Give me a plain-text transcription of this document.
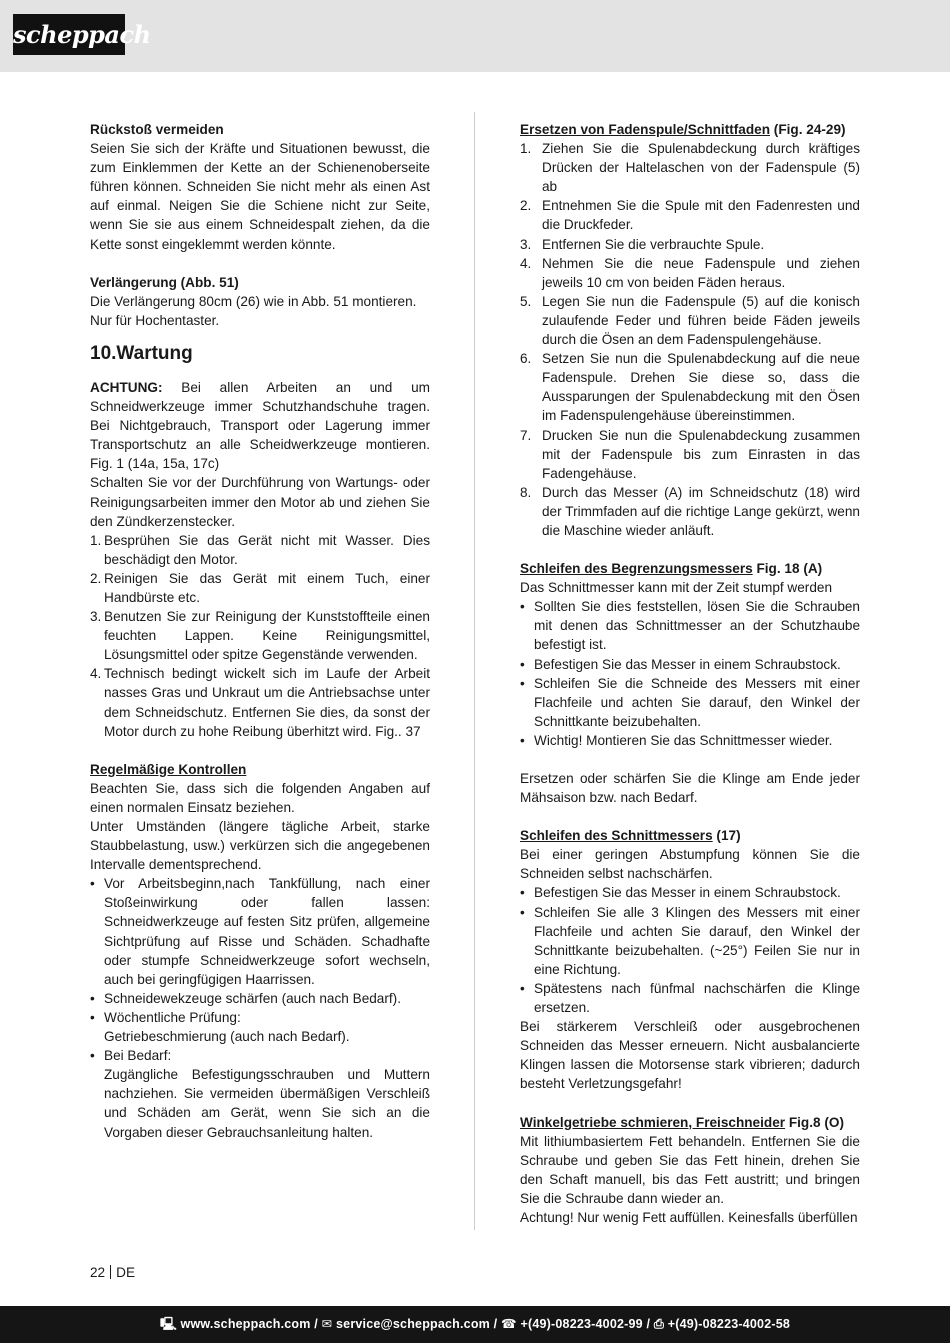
scheppach

Rückstoß vermeiden

Seien Sie sich der Kräfte und Situationen bewusst, die zum Einklemmen der Kette an der Schienenoberseite führen können. Schneiden Sie nicht mehr als einen Ast auf einmal. Neigen Sie die Schiene nicht zur Seite, wenn Sie sie aus einem Schneidespalt ziehen, da die Kette sonst eingeklemmt werden könnte.

Verlängerung (Abb. 51)

Die Verlängerung 80cm (26) wie in Abb. 51 montieren. Nur für Hochentaster.

10.Wartung

ACHTUNG: Bei allen Arbeiten an und um Schneidwerkzeuge immer Schutzhandschuhe tragen. Bei Nichtgebrauch, Transport oder Lagerung immer Transportschutz an alle Scheidwerkzeuge montieren. Fig. 1 (14a, 15a, 17c)

Schalten Sie vor der Durchführung von Wartungs- oder Reinigungsarbeiten immer den Motor ab und ziehen Sie den Zündkerzenstecker.

1. Besprühen Sie das Gerät nicht mit Wasser. Dies beschädigt den Motor.
2. Reinigen Sie das Gerät mit einem Tuch, einer Handbürste etc.
3. Benutzen Sie zur Reinigung der Kunststoffteile einen feuchten Lappen. Keine Reinigungsmittel, Lösungsmittel oder spitze Gegenstände verwenden.
4. Technisch bedingt wickelt sich im Laufe der Arbeit nasses Gras und Unkraut um die Antriebsachse unter dem Schneidschutz. Entfernen Sie dies, da sonst der Motor durch zu hohe Reibung überhitzt wird. Fig.. 37

Regelmäßige Kontrollen

Beachten Sie, dass sich die folgenden Angaben auf einen normalen Einsatz beziehen.

Unter Umständen (längere tägliche Arbeit, starke Staubbelastung, usw.) verkürzen sich die angegebenen Intervalle dementsprechend.

• Vor Arbeitsbeginn,nach Tankfüllung, nach einer Stoßeinwirkung oder fallen lassen: Schneidwerkzeuge auf festen Sitz prüfen, allgemeine Sichtprüfung auf Risse und Schäden. Schadhafte oder stumpfe Schneidwerkzeuge sofort wechseln, auch bei geringfügigen Haarrissen.
• Schneidewekzeuge schärfen (auch nach Bedarf).
• Wöchentliche Prüfung:
Getriebeschmierung (auch nach Bedarf).
• Bei Bedarf:
Zugängliche Befestigungsschrauben und Muttern nachziehen. Sie vermeiden übermäßigen Verschleiß und Schäden am Gerät, wenn Sie sich an die Vorgaben dieser Gebrauchsanleitung halten.

Ersetzen von Fadenspule/Schnittfaden (Fig. 24-29)

1. Ziehen Sie die Spulenabdeckung durch kräftiges Drücken der Haltelaschen von der Fadenspule (5) ab
2. Entnehmen Sie die Spule mit den Fadenresten und die Druckfeder.
3. Entfernen Sie die verbrauchte Spule.
4. Nehmen Sie die neue Fadenspule und ziehen jeweils 10 cm von beiden Fäden heraus.
5. Legen Sie nun die Fadenspule (5) auf die konisch zulaufende Feder und führen beide Fäden jeweils durch die Ösen an dem Fadenspulengehäuse.
6. Setzen Sie nun die Spulenabdeckung auf die neue Fadenspule. Drehen Sie diese so, dass die Aussparungen der Spulenabdeckung mit den Ösen im Fadenspulengehäuse übereinstimmen.
7. Drucken Sie nun die Spulenabdeckung zusammen mit der Fadenspule bis zum Einrasten in das Fadengehäuse.
8. Durch das Messer (A) im Schneidschutz (18) wird der Trimmfaden auf die richtige Lange gekürzt, wenn die Maschine wieder anläuft.

Schleifen des Begrenzungsmessers Fig. 18 (A)

Das Schnittmesser kann mit der Zeit stumpf werden

• Sollten Sie dies feststellen, lösen Sie die Schrauben mit denen das Schnittmesser an der Schutzhaube befestigt ist.
• Befestigen Sie das Messer in einem Schraubstock.
• Schleifen Sie die Schneide des Messers mit einer Flachfeile und achten Sie darauf, den Winkel der Schnittkante beizubehalten.
• Wichtig! Montieren Sie das Schnittmesser wieder.

Ersetzen oder schärfen Sie die Klinge am Ende jeder Mähsaison bzw. nach Bedarf.

Schleifen des Schnittmessers (17)

Bei einer geringen Abstumpfung können Sie die Schneiden selbst nachschärfen.

• Befestigen Sie das Messer in einem Schraubstock.
• Schleifen Sie alle 3 Klingen des Messers mit einer Flachfeile und achten Sie darauf, den Winkel der Schnittkante beizubehalten. (~25°) Feilen Sie nur in eine Richtung.
• Spätestens nach fünfmal nachschärfen die Klinge ersetzen.

Bei stärkerem Verschleiß oder ausgebrochenen Schneiden das Messer erneuern. Nicht ausbalancierte Klingen lassen die Motorsense stark vibrieren; dadurch besteht Verletzungsgefahr!

Winkelgetriebe schmieren, Freischneider Fig.8 (O)

Mit lithiumbasiertem Fett behandeln. Entfernen Sie die Schraube und geben Sie das Fett hinein, drehen Sie den Schaft manuell, bis das Fett austritt; und bringen Sie die Schraube dann wieder an.

Achtung! Nur wenig Fett auffüllen. Keinesfalls überfüllen

22 DE
🖳 www.scheppach.com / ✉ service@scheppach.com / ☎ +(49)-08223-4002-99 / ⎙ +(49)-08223-4002-58
